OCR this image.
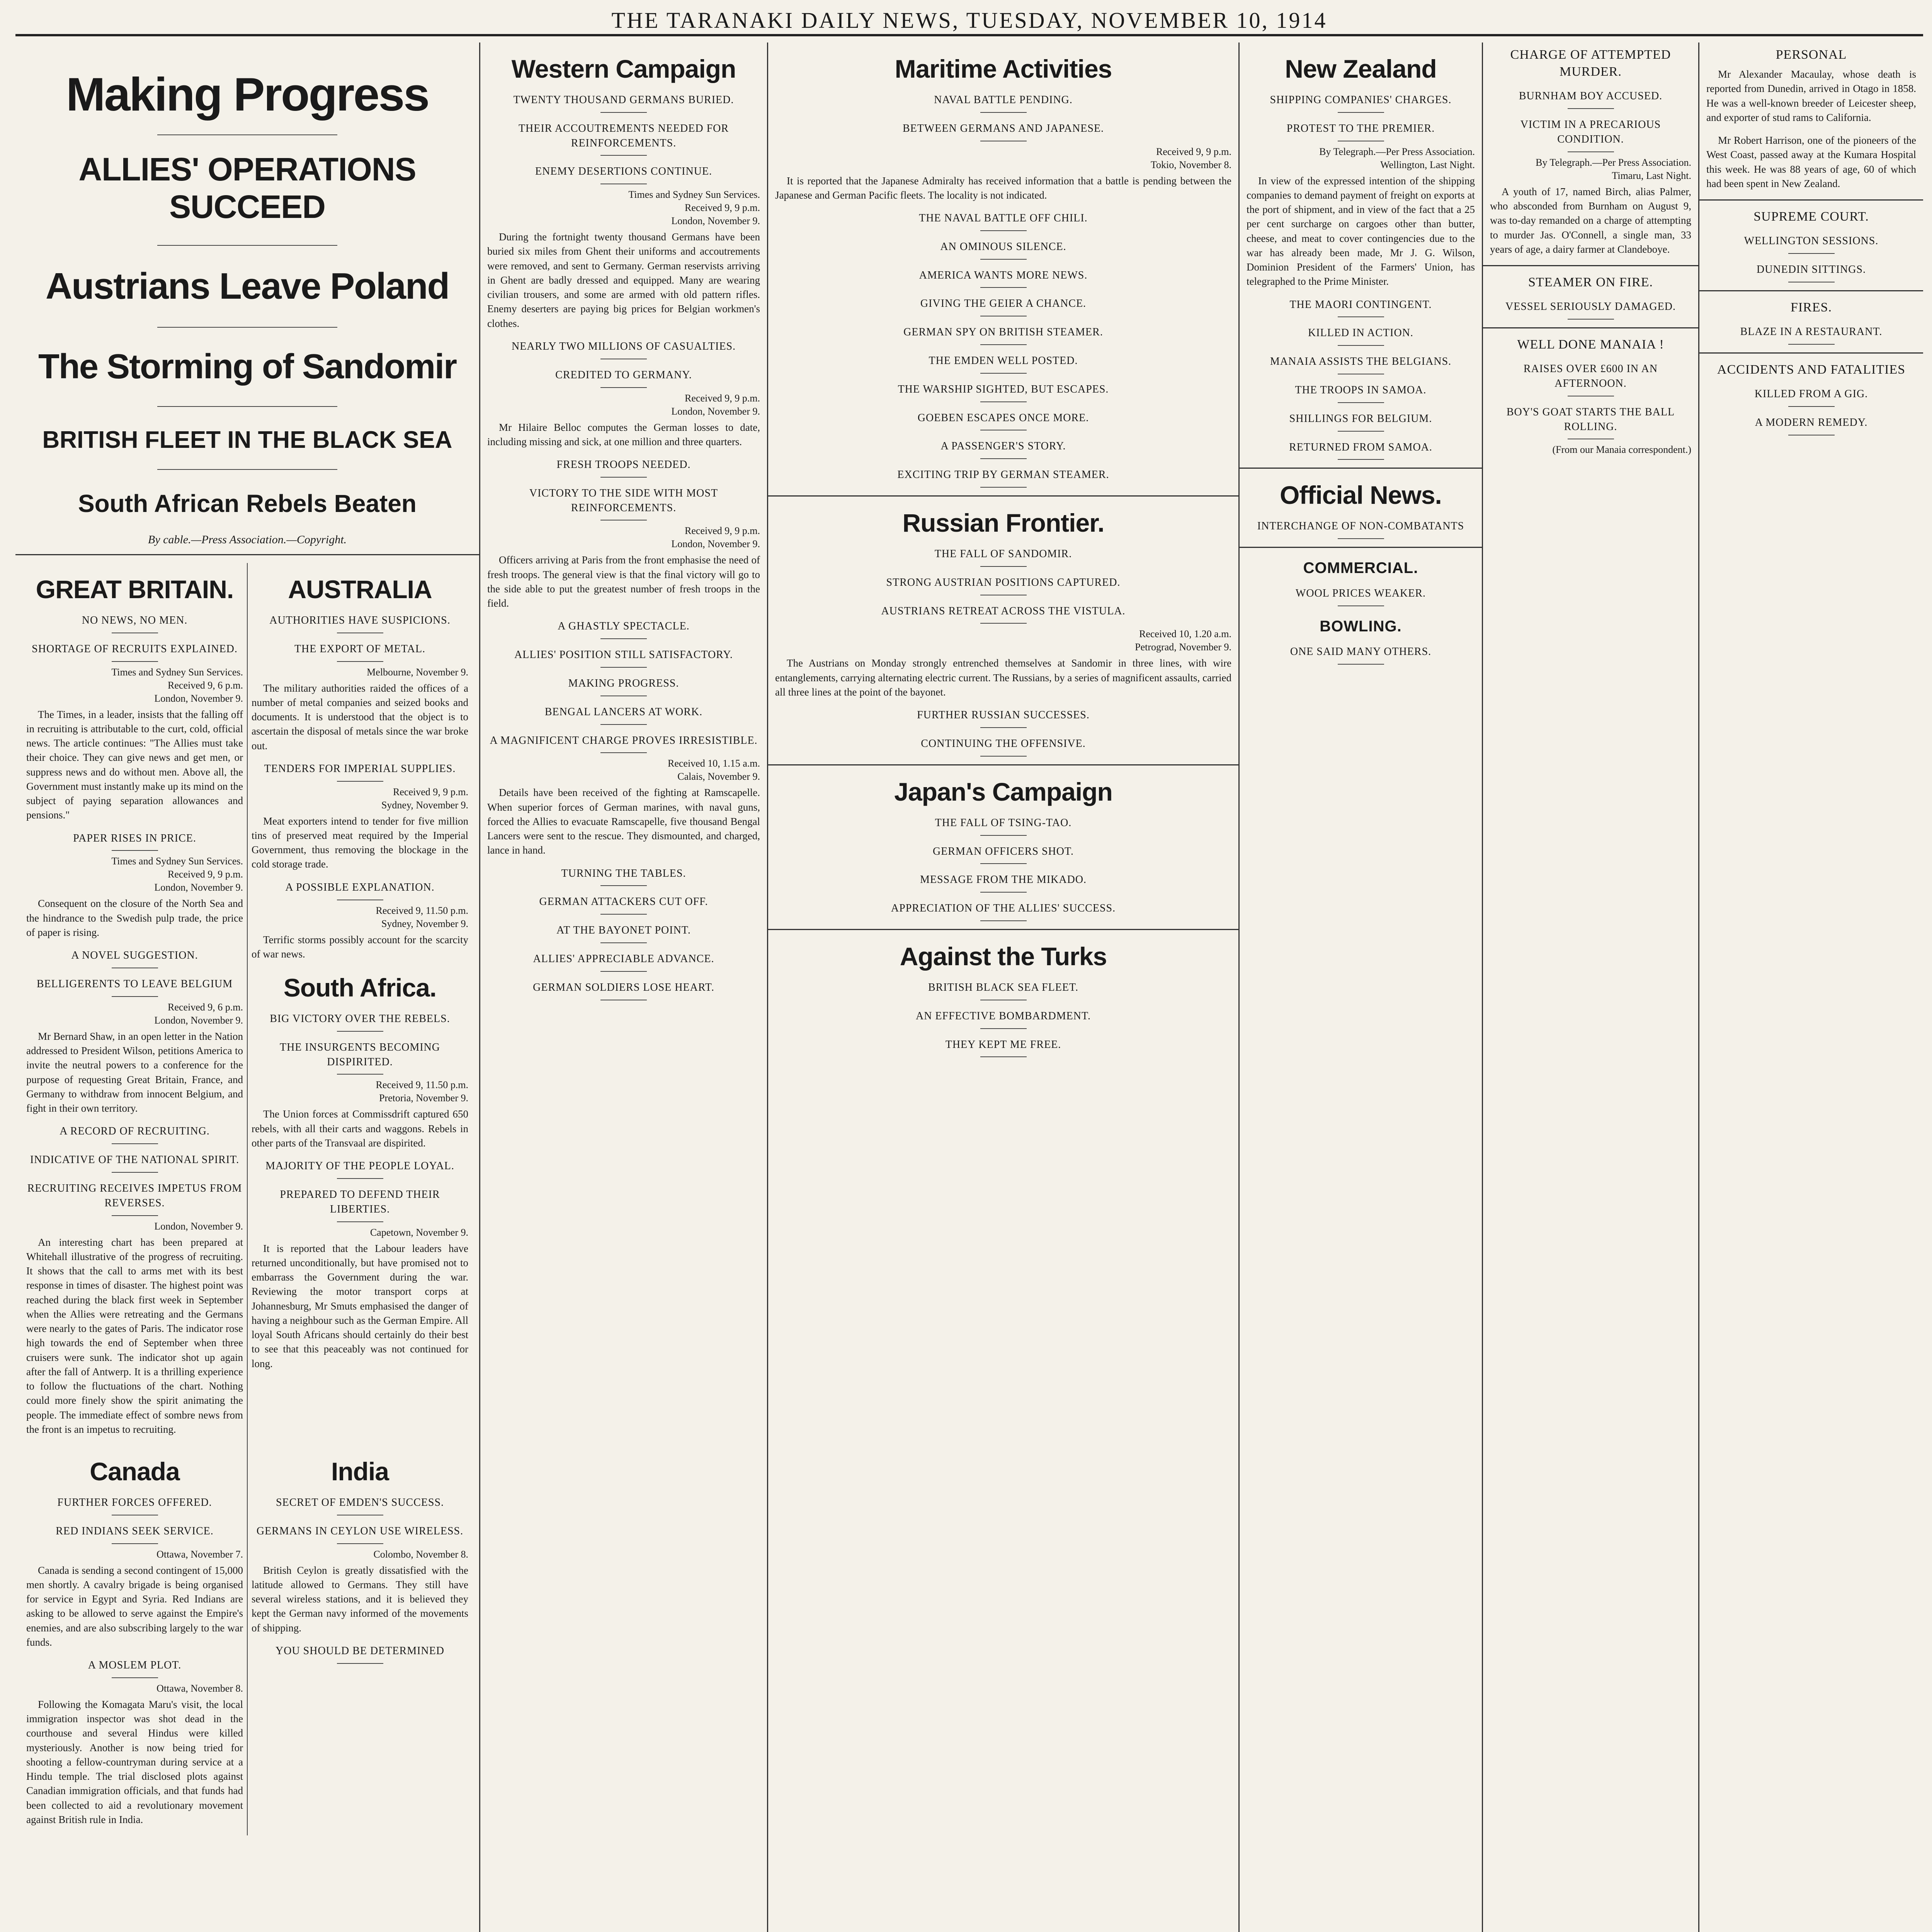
THE TARANAKI DAILY NEWS, TUESDAY, NOVEMBER 10, 1914
Making Progress
ALLIES' OPERATIONS SUCCEED
Austrians Leave Poland
The Storming of Sandomir
BRITISH FLEET IN THE BLACK SEA
South African Rebels Beaten
By cable.—Press Association.—Copyright.
GREAT BRITAIN.
NO NEWS, NO MEN.
SHORTAGE OF RECRUITS EXPLAINED.
Times and Sydney Sun Services.
Received 9, 6 p.m.
London, November 9.

The Times, in a leader, insists that the falling off in recruiting is attributable to the curt, cold, official news. The article continues: "The Allies must take their choice. They can give news and get men, or suppress news and do without men. Above all, the Government must instantly make up its mind on the subject of paying separation allowances and pensions."

PAPER RISES IN PRICE.
Times and Sydney Sun Services.
Received 9, 9 p.m.
London, November 9.

Consequent on the closure of the North Sea and the hindrance to the Swedish pulp trade, the price of paper is rising.

A NOVEL SUGGESTION.
BELLIGERENTS TO LEAVE BELGIUM
Received 9, 6 p.m.
London, November 9.

Mr Bernard Shaw, in an open letter in the Nation addressed to President Wilson, petitions America to invite the neutral powers to a conference for the purpose of requesting Great Britain, France, and Germany to withdraw from innocent Belgium, and fight in their own territory.

A RECORD OF RECRUITING.
INDICATIVE OF THE NATIONAL SPIRIT.
RECRUITING RECEIVES IMPETUS FROM REVERSES.
London, November 9.

An interesting chart has been prepared at Whitehall illustrative of the progress of recruiting. It shows that the call to arms met with its best response in times of disaster. The highest point was reached during the black first week in September when the Allies were retreating and the Germans were nearly to the gates of Paris. The indicator rose high towards the end of September when three cruisers were sunk. The indicator shot up again after the fall of Antwerp. It is a thrilling experience to follow the fluctuations of the chart. Nothing could more finely show the spirit animating the people. The immediate effect of sombre news from the front is an impetus to recruiting.

AUSTRALIA
AUTHORITIES HAVE SUSPICIONS.
THE EXPORT OF METAL.
Melbourne, November 9.

The military authorities raided the offices of a number of metal companies and seized books and documents. It is understood that the object is to ascertain the disposal of metals since the war broke out.

TENDERS FOR IMPERIAL SUPPLIES.
Received 9, 9 p.m.
Sydney, November 9.

Meat exporters intend to tender for five million tins of preserved meat required by the Imperial Government, thus removing the blockage in the cold storage trade.

A POSSIBLE EXPLANATION.
Received 9, 11.50 p.m.
Sydney, November 9.

Terrific storms possibly account for the scarcity of war news.

South Africa.
BIG VICTORY OVER THE REBELS.
THE INSURGENTS BECOMING DISPIRITED.
Received 9, 11.50 p.m.
Pretoria, November 9.

The Union forces at Commissdrift captured 650 rebels, with all their carts and waggons. Rebels in other parts of the Transvaal are dispirited.

MAJORITY OF THE PEOPLE LOYAL.
PREPARED TO DEFEND THEIR LIBERTIES.
Capetown, November 9.

It is reported that the Labour leaders have returned unconditionally, but have promised not to embarrass the Government during the war. Reviewing the motor transport corps at Johannesburg, Mr Smuts emphasised the danger of having a neighbour such as the German Empire. All loyal South Africans should certainly do their best to see that this peaceably was not continued for long.

Canada
FURTHER FORCES OFFERED.
RED INDIANS SEEK SERVICE.
Ottawa, November 7.

Canada is sending a second contingent of 15,000 men shortly. A cavalry brigade is being organised for service in Egypt and Syria. Red Indians are asking to be allowed to serve against the Empire's enemies, and are also subscribing largely to the war funds.

A MOSLEM PLOT.
Ottawa, November 8.

Following the Komagata Maru's visit, the local immigration inspector was shot dead in the courthouse and several Hindus were killed mysteriously. Another is now being tried for shooting a fellow-countryman during service at a Hindu temple. The trial disclosed plots against Canadian immigration officials, and that funds had been collected to aid a revolutionary movement against British rule in India.

India
SECRET OF EMDEN'S SUCCESS.
GERMANS IN CEYLON USE WIRELESS.
Colombo, November 8.

British Ceylon is greatly dissatisfied with the latitude allowed to Germans. They still have several wireless stations, and it is believed they kept the German navy informed of the movements of shipping.

YOU SHOULD BE DETERMINED
Western Campaign
TWENTY THOUSAND GERMANS BURIED.
THEIR ACCOUTREMENTS NEEDED FOR REINFORCEMENTS.
ENEMY DESERTIONS CONTINUE.
Times and Sydney Sun Services.
Received 9, 9 p.m.
London, November 9.

During the fortnight twenty thousand Germans have been buried six miles from Ghent their uniforms and accoutrements were removed, and sent to Germany. German reservists arriving in Ghent are badly dressed and equipped. Many are wearing civilian trousers, and some are armed with old pattern rifles. Enemy deserters are paying big prices for Belgian workmen's clothes.

NEARLY TWO MILLIONS OF CASUALTIES.
CREDITED TO GERMANY.
Received 9, 9 p.m.
London, November 9.

Mr Hilaire Belloc computes the German losses to date, including missing and sick, at one million and three quarters.

FRESH TROOPS NEEDED.
VICTORY TO THE SIDE WITH MOST REINFORCEMENTS.
Received 9, 9 p.m.
London, November 9.

Officers arriving at Paris from the front emphasise the need of fresh troops. The general view is that the final victory will go to the side able to put the greatest number of fresh troops in the field.

A GHASTLY SPECTACLE.
ALLIES' POSITION STILL SATISFACTORY.
MAKING PROGRESS.
BENGAL LANCERS AT WORK.
A MAGNIFICENT CHARGE PROVES IRRESISTIBLE.
Received 10, 1.15 a.m.
Calais, November 9.

Details have been received of the fighting at Ramscapelle. When superior forces of German marines, with naval guns, forced the Allies to evacuate Ramscapelle, five thousand Bengal Lancers were sent to the rescue. They dismounted, and charged, lance in hand.

TURNING THE TABLES.
GERMAN ATTACKERS CUT OFF.
AT THE BAYONET POINT.
ALLIES' APPRECIABLE ADVANCE.
GERMAN SOLDIERS LOSE HEART.
Maritime Activities
NAVAL BATTLE PENDING.
BETWEEN GERMANS AND JAPANESE.
Received 9, 9 p.m.
Tokio, November 8.

It is reported that the Japanese Admiralty has received information that a battle is pending between the Japanese and German Pacific fleets. The locality is not indicated.

THE NAVAL BATTLE OFF CHILI.
AN OMINOUS SILENCE.
AMERICA WANTS MORE NEWS.
GIVING THE GEIER A CHANCE.
GERMAN SPY ON BRITISH STEAMER.
THE EMDEN WELL POSTED.
THE WARSHIP SIGHTED, BUT ESCAPES.
GOEBEN ESCAPES ONCE MORE.
A PASSENGER'S STORY.
EXCITING TRIP BY GERMAN STEAMER.
Russian Frontier.
THE FALL OF SANDOMIR.
STRONG AUSTRIAN POSITIONS CAPTURED.
AUSTRIANS RETREAT ACROSS THE VISTULA.
Received 10, 1.20 a.m.
Petrograd, November 9.

The Austrians on Monday strongly entrenched themselves at Sandomir in three lines, with wire entanglements, carrying alternating electric current. The Russians, by a series of magnificent assaults, carried all three lines at the point of the bayonet.

FURTHER RUSSIAN SUCCESSES.
CONTINUING THE OFFENSIVE.
Japan's Campaign
THE FALL OF TSING-TAO.
GERMAN OFFICERS SHOT.
MESSAGE FROM THE MIKADO.
APPRECIATION OF THE ALLIES' SUCCESS.
Against the Turks
BRITISH BLACK SEA FLEET.
AN EFFECTIVE BOMBARDMENT.
THEY KEPT ME FREE.
New Zealand
SHIPPING COMPANIES' CHARGES.
PROTEST TO THE PREMIER.
By Telegraph.—Per Press Association.
Wellington, Last Night.

In view of the expressed intention of the shipping companies to demand payment of freight on exports at the port of shipment, and in view of the fact that a 25 per cent surcharge on cargoes other than butter, cheese, and meat to cover contingencies due to the war has already been made, Mr J. G. Wilson, Dominion President of the Farmers' Union, has telegraphed to the Prime Minister.

THE MAORI CONTINGENT.
KILLED IN ACTION.
MANAIA ASSISTS THE BELGIANS.
THE TROOPS IN SAMOA.
SHILLINGS FOR BELGIUM.
RETURNED FROM SAMOA.
Official News.
INTERCHANGE OF NON-COMBATANTS
COMMERCIAL.
WOOL PRICES WEAKER.
BOWLING.
ONE SAID MANY OTHERS.
CHARGE OF ATTEMPTED MURDER.
BURNHAM BOY ACCUSED.
VICTIM IN A PRECARIOUS CONDITION.
By Telegraph.—Per Press Association.
Timaru, Last Night.

A youth of 17, named Birch, alias Palmer, who absconded from Burnham on August 9, was to-day remanded on a charge of attempting to murder Jas. O'Connell, a single man, 33 years of age, a dairy farmer at Clandeboye.

STEAMER ON FIRE.
VESSEL SERIOUSLY DAMAGED.
WELL DONE MANAIA !
RAISES OVER £600 IN AN AFTERNOON.
BOY'S GOAT STARTS THE BALL ROLLING.
(From our Manaia correspondent.)
PERSONAL

Mr Alexander Macaulay, whose death is reported from Dunedin, arrived in Otago in 1858. He was a well-known breeder of Leicester sheep, and exporter of stud rams to California.

Mr Robert Harrison, one of the pioneers of the West Coast, passed away at the Kumara Hospital this week. He was 88 years of age, 60 of which had been spent in New Zealand.

SUPREME COURT.
WELLINGTON SESSIONS.
DUNEDIN SITTINGS.
FIRES.
BLAZE IN A RESTAURANT.
ACCIDENTS AND FATALITIES
KILLED FROM A GIG.
A MODERN REMEDY.
